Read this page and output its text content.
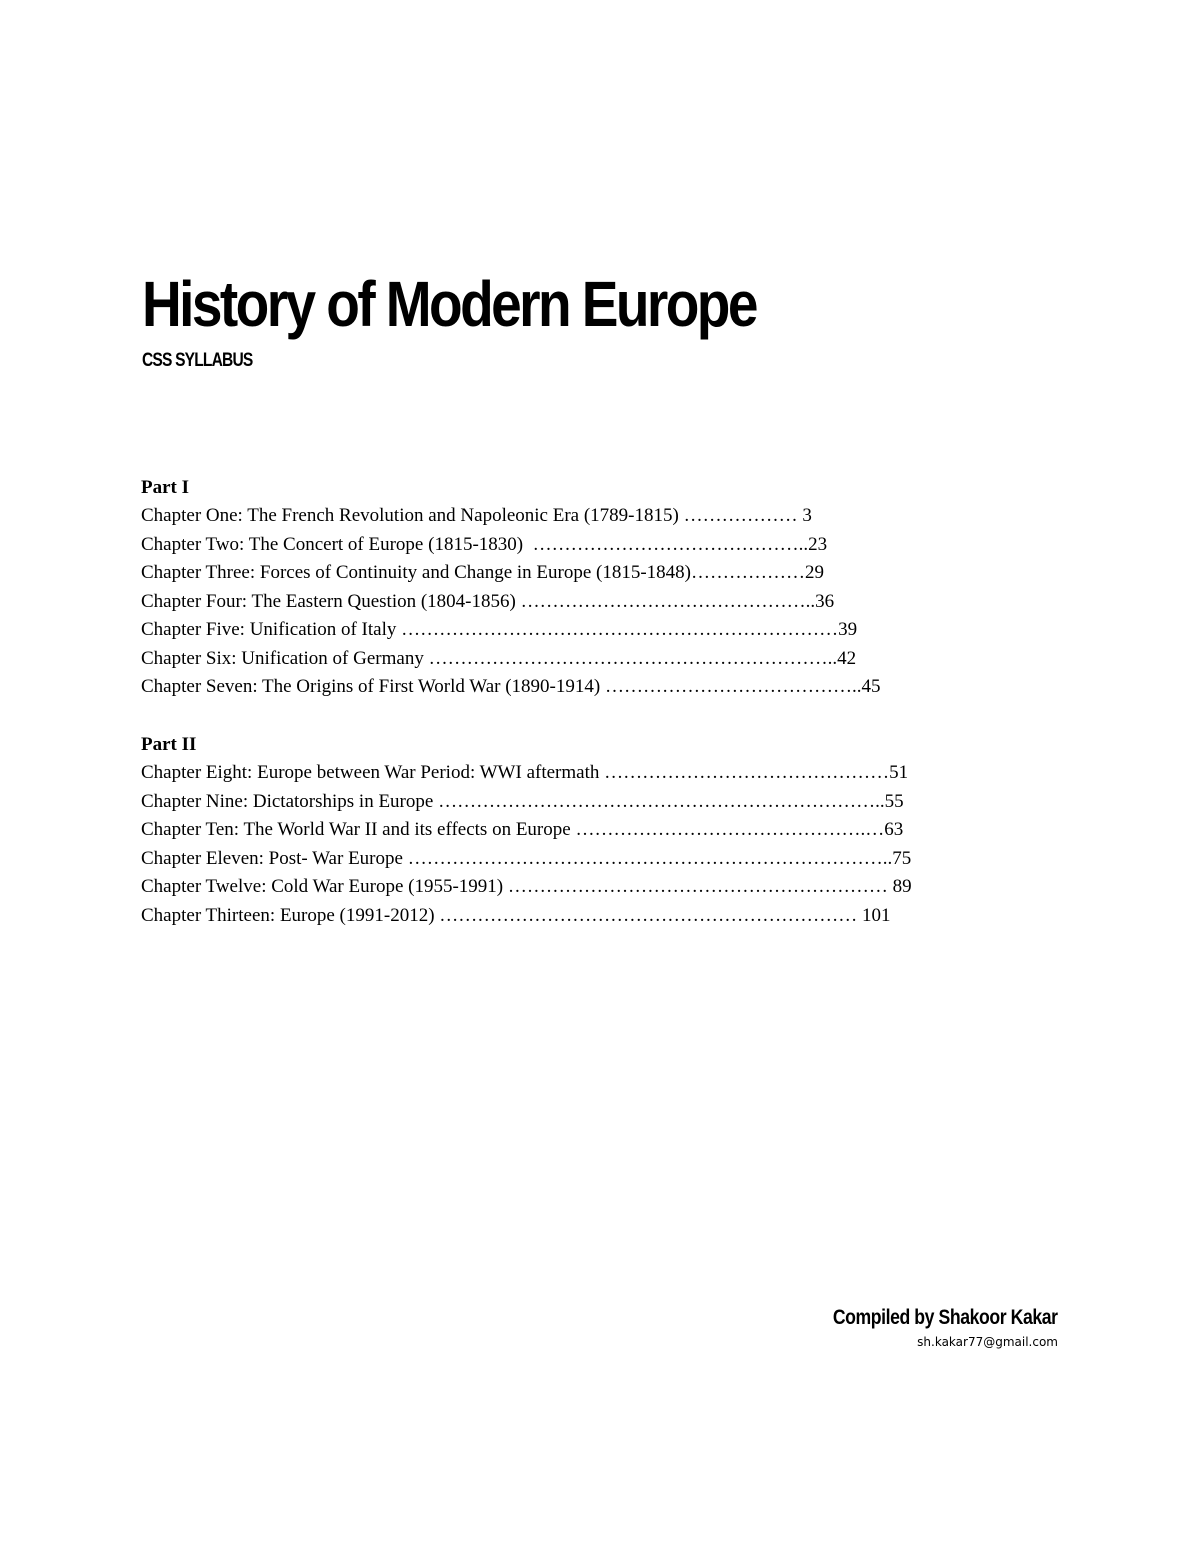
History of Modern Europe
CSS SYLLABUS
Part I
Chapter One: The French Revolution and Napoleonic Era (1789-1815) ……………… 3
Chapter Two: The Concert of Europe (1815-1830)  ……………………………………..23
Chapter Three: Forces of Continuity and Change in Europe (1815-1848)………………29
Chapter Four: The Eastern Question (1804-1856) ………………………………………..36
Chapter Five: Unification of Italy ……………………………………………………………39
Chapter Six: Unification of Germany ………………………………………………………..42
Chapter Seven: The Origins of First World War (1890-1914) …………………………………..45
Part II
Chapter Eight: Europe between War Period: WWI aftermath ………………………………………51
Chapter Nine: Dictatorships in Europe ……………………………………………………………..55
Chapter Ten: The World War II and its effects on Europe ……………………………………….…63
Chapter Eleven: Post- War Europe …………………………………………………………………..75
Chapter Twelve: Cold War Europe (1955-1991) …………………………………………………… 89
Chapter Thirteen: Europe (1991-2012) ………………………………………………………… 101
Compiled by Shakoor Kakar
sh.kakar77@gmail.com
